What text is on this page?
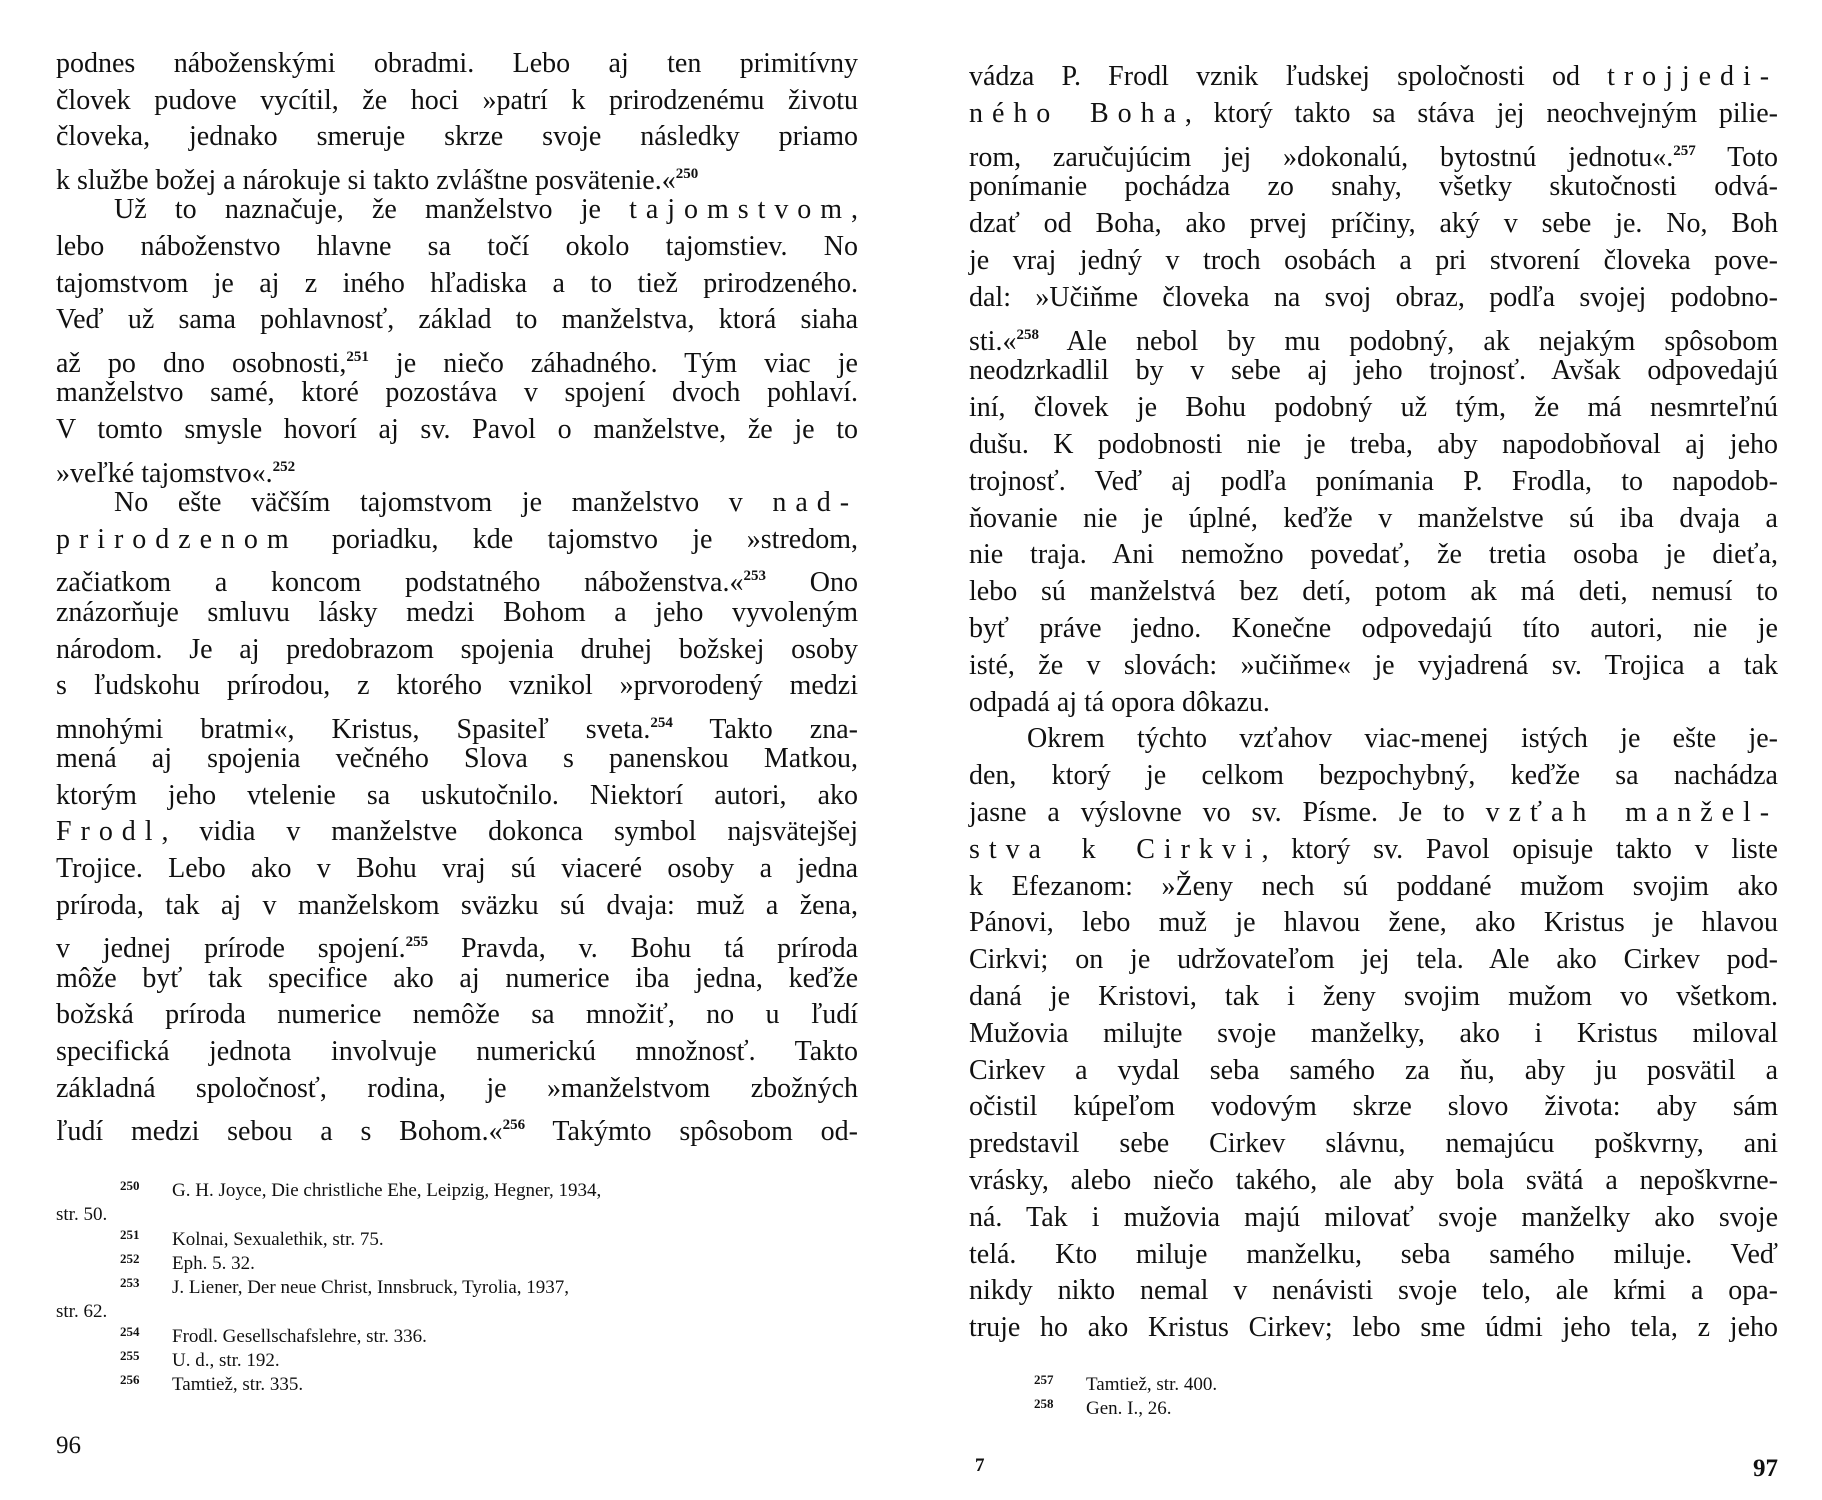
podnes náboženskými obradmi. Lebo aj ten primitívny
človek pudove vycítil, že hoci »patrí k prirodzenému životu
človeka, jednako smeruje skrze svoje následky priamo
k službe božej a nárokuje si takto zvláštne posvätenie.«$^{250}$
Už to naznačuje, že manželstvo je tajomstvom,
lebo náboženstvo hlavne sa točí okolo tajomstiev. No
tajomstvom je aj z iného hľadiska a to tiež prirodzeného.
Veď už sama pohlavnosť, základ to manželstva, ktorá siaha
až po dno osobnosti,$^{251}$ je niečo záhadného. Tým viac je
manželstvo samé, ktoré pozostáva v spojení dvoch pohlaví.
V tomto smysle hovorí aj sv. Pavol o manželstve, že je to
»veľké tajomstvo«.$^{252}$
No ešte väčším tajomstvom je manželstvo v nad-
prirodzenom poriadku, kde tajomstvo je »stredom,
začiatkom a koncom podstatného náboženstva.«$^{253}$ Ono
znázorňuje smluvu lásky medzi Bohom a jeho vyvoleným
národom. Je aj predobrazom spojenia druhej božskej osoby
s ľudskohu prírodou, z ktorého vznikol »prvorodený medzi
mnohými bratmi«, Kristus, Spasiteľ sveta.$^{254}$ Takto zna-
mená aj spojenia večného Slova s panenskou Matkou,
ktorým jeho vtelenie sa uskutočnilo. Niektorí autori, ako
Frodl, vidia v manželstve dokonca symbol najsvätejšej
Trojice. Lebo ako v Bohu vraj sú viaceré osoby a jedna
príroda, tak aj v manželskom sväzku sú dvaja: muž a žena,
v jednej prírode spojení.$^{255}$ Pravda, v. Bohu tá príroda
môže byť tak specifice ako aj numerice iba jedna, keďže
božská príroda numerice nemôže sa množiť, no u ľudí
specifická jednota involvuje numerickú množnosť. Takto
základná spoločnosť, rodina, je »manželstvom zbožných
ľudí medzi sebou a s Bohom.«$^{256}$ Takýmto spôsobom od-
250 G. H. Joyce, Die christliche Ehe, Leipzig, Hegner, 1934,
str. 50.
251 Kolnai, Sexualethik, str. 75.
252 Eph. 5. 32.
253 J. Liener, Der neue Christ, Innsbruck, Tyrolia, 1937,
str. 62.
254 Frodl. Gesellschafslehre, str. 336.
255 U. d., str. 192.
256 Tamtiež, str. 335.
96
vádza P. Frodl vznik ľudskej spoločnosti od trojjedi-
ného Boha, ktorý takto sa stáva jej neochvejným pilie-
rom, zaručujúcim jej »dokonalú, bytostnú jednotu«.$^{257}$ Toto
ponímanie pochádza zo snahy, všetky skutočnosti odvá-
dzať od Boha, ako prvej príčiny, aký v sebe je. No, Boh
je vraj jedný v troch osobách a pri stvorení človeka pove-
dal: »Učiňme človeka na svoj obraz, podľa svojej podobno-
sti.«$^{258}$ Ale nebol by mu podobný, ak nejakým spôsobom
neodzrkadlil by v sebe aj jeho trojnosť. Avšak odpovedajú
iní, človek je Bohu podobný už tým, že má nesmrteľnú
dušu. K podobnosti nie je treba, aby napodobňoval aj jeho
trojnosť. Veď aj podľa ponímania P. Frodla, to napodob-
ňovanie nie je úplné, keďže v manželstve sú iba dvaja a
nie traja. Ani nemožno povedať, že tretia osoba je dieťa,
lebo sú manželstvá bez detí, potom ak má deti, nemusí to
byť práve jedno. Konečne odpovedajú títo autori, nie je
isté, že v slovách: »učiňme« je vyjadrená sv. Trojica a tak
odpadá aj tá opora dôkazu.
Okrem týchto vzťahov viac-menej istých je ešte je-
den, ktorý je celkom bezpochybný, keďže sa nachádza
jasne a výslovne vo sv. Písme. Je to vzťah manžel-
stva k Cirkvi, ktorý sv. Pavol opisuje takto v liste
k Efezanom: »Ženy nech sú poddané mužom svojim ako
Pánovi, lebo muž je hlavou žene, ako Kristus je hlavou
Cirkvi; on je udržovateľom jej tela. Ale ako Cirkev pod-
daná je Kristovi, tak i ženy svojim mužom vo všetkom.
Mužovia milujte svoje manželky, ako i Kristus miloval
Cirkev a vydal seba samého za ňu, aby ju posvätil a
očistil kúpeľom vodovým skrze slovo života: aby sám
predstavil sebe Cirkev slávnu, nemajúcu poškvrny, ani
vrásky, alebo niečo takého, ale aby bola svätá a nepoškvrne-
ná. Tak i mužovia majú milovať svoje manželky ako svoje
telá. Kto miluje manželku, seba samého miluje. Veď
nikdy nikto nemal v nenávisti svoje telo, ale kŕmi a opa-
truje ho ako Kristus Cirkev; lebo sme údmi jeho tela, z jeho
257 Tamtiež, str. 400.
258 Gen. I., 26.
7	97
